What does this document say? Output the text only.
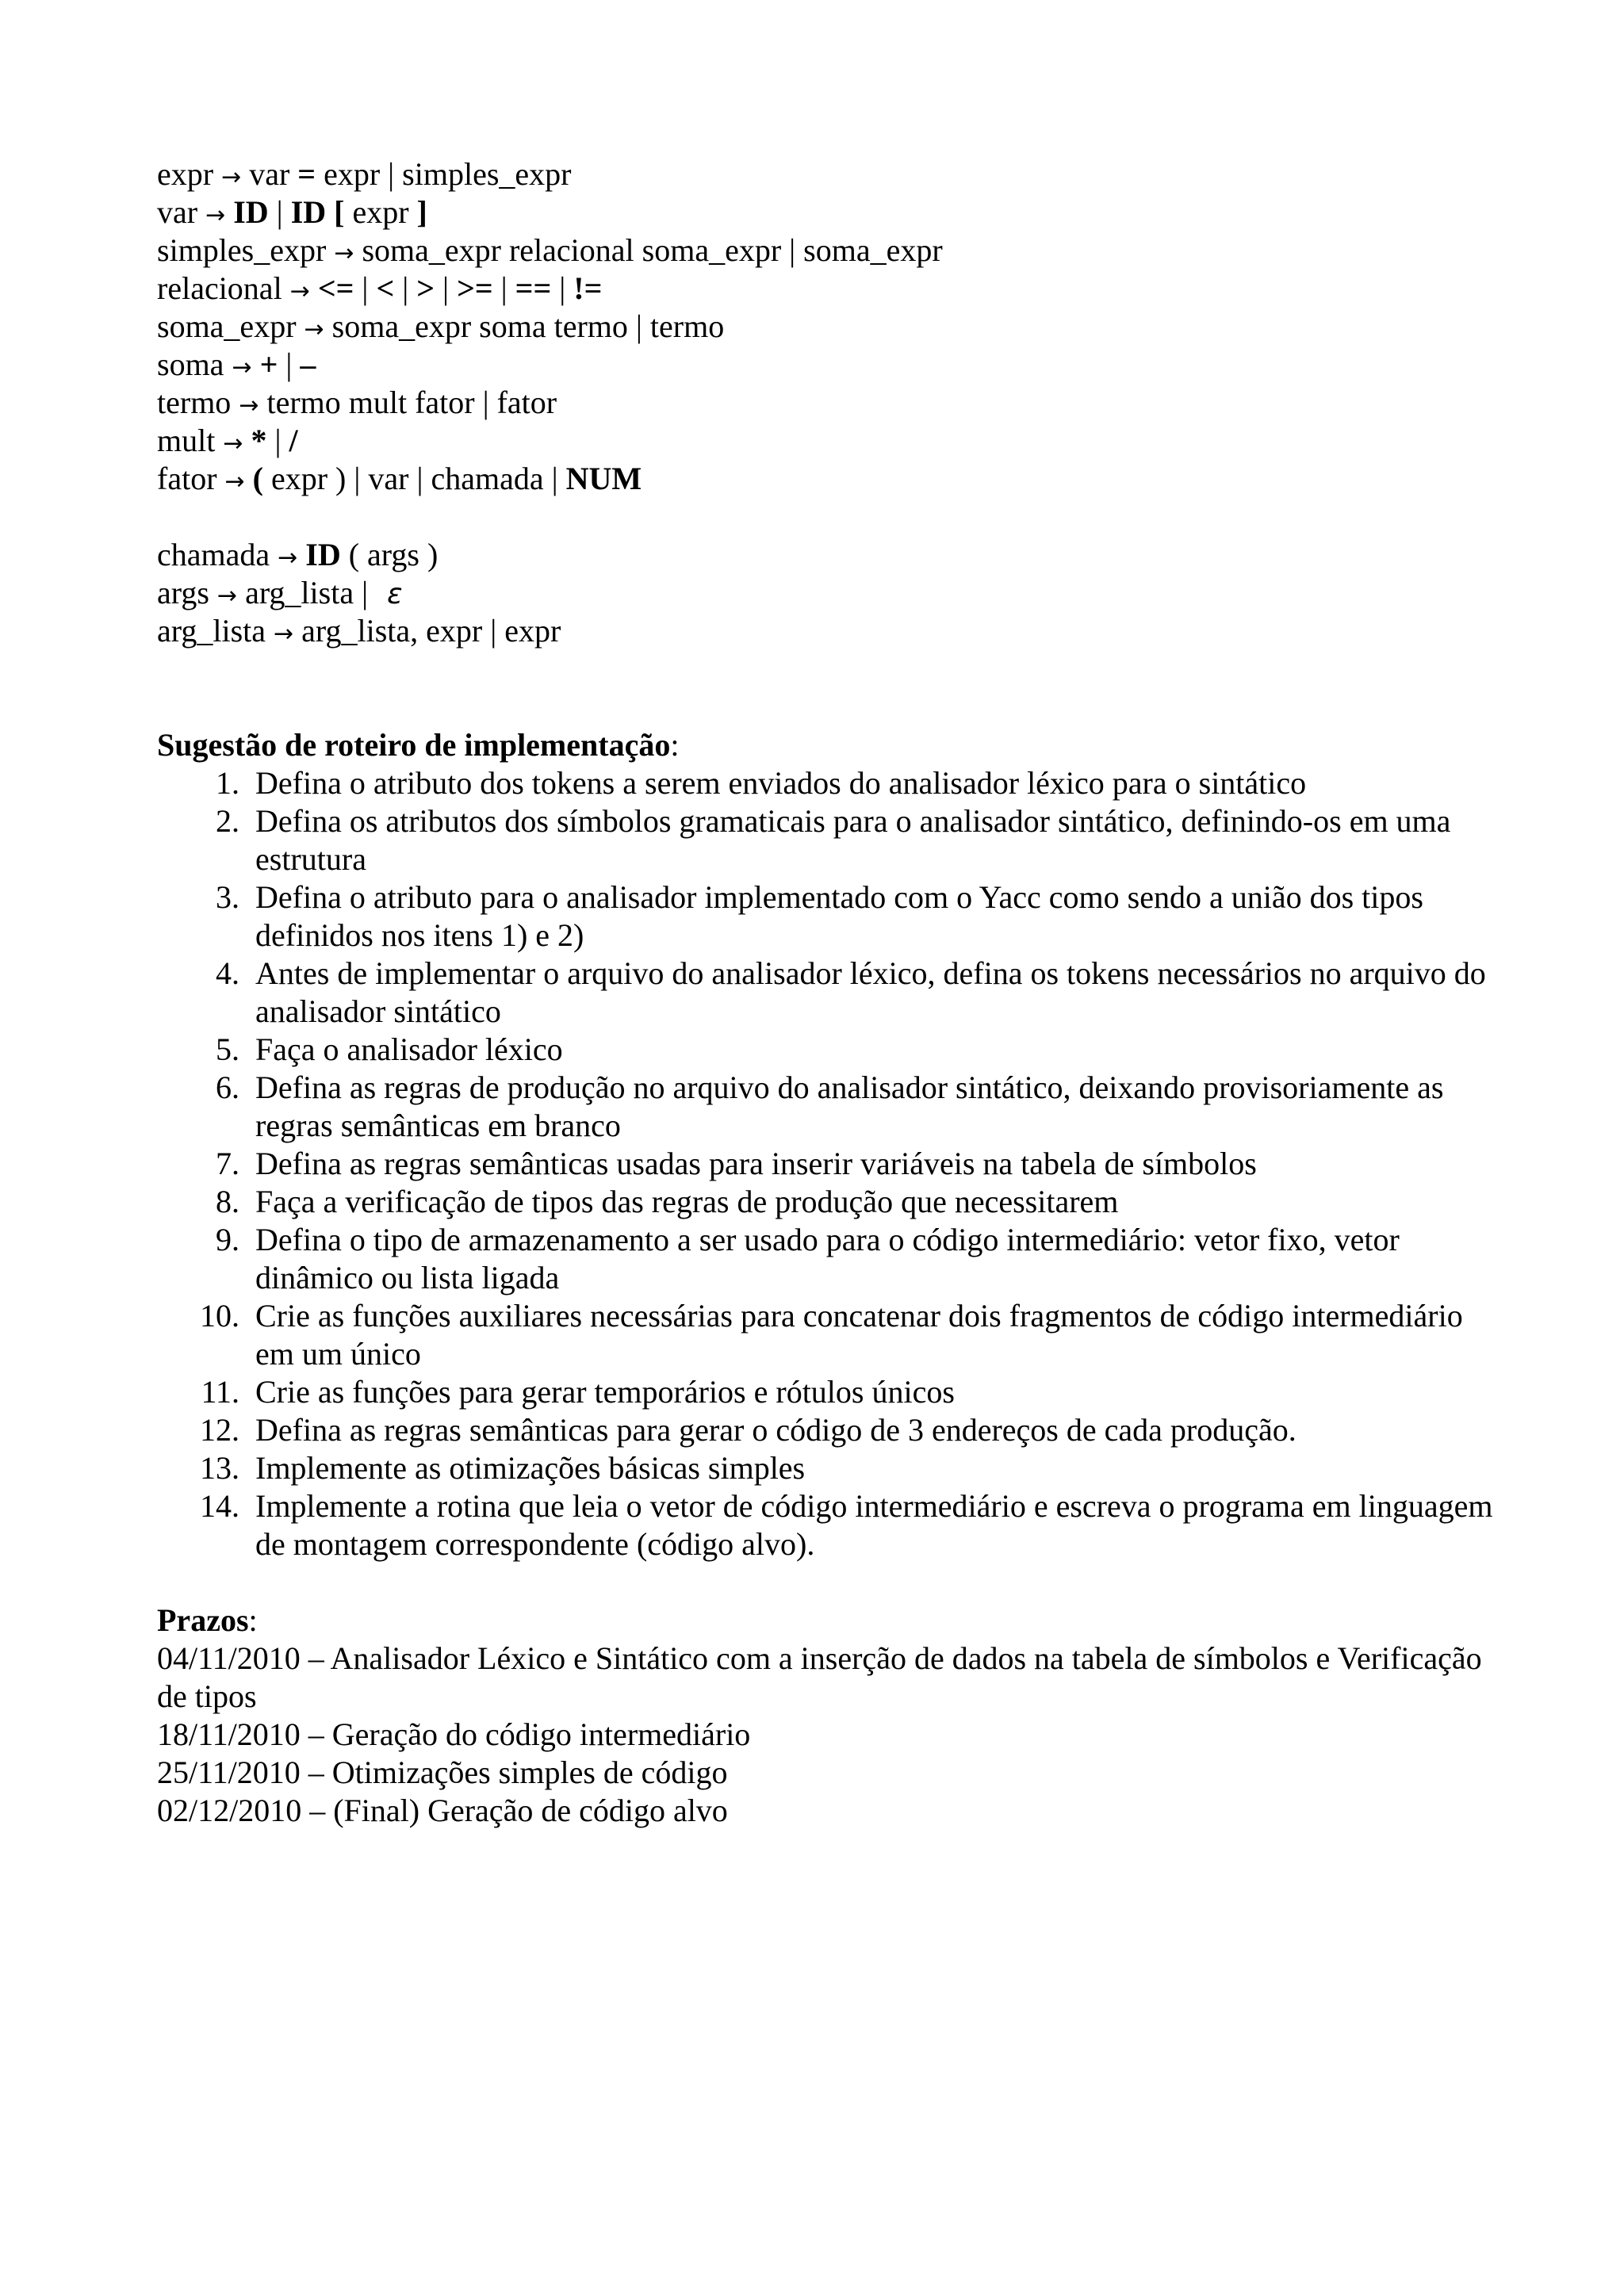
expr → var = expr | simples_expr
var → ID | ID [ expr ]
simples_expr → soma_expr relacional soma_expr | soma_expr
relacional → <= | < | > | >= | == | !=
soma_expr → soma_expr soma termo | termo
soma → + | –
termo → termo mult fator | fator
mult → * | /
fator → ( expr ) | var | chamada | NUM
chamada → ID ( args )
args → arg_lista | ε
arg_lista → arg_lista, expr | expr
Sugestão de roteiro de implementação:
1. Defina o atributo dos tokens a serem enviados do analisador léxico para o sintático
2. Defina os atributos dos símbolos gramaticais para o analisador sintático, definindo-os em uma estrutura
3. Defina o atributo para o analisador implementado com o Yacc como sendo a união dos tipos definidos nos itens 1) e 2)
4. Antes de implementar o arquivo do analisador léxico, defina os tokens necessários no arquivo do analisador sintático
5. Faça o analisador léxico
6. Defina as regras de produção no arquivo do analisador sintático, deixando provisoriamente as regras semânticas em branco
7. Defina as regras semânticas usadas para inserir variáveis na tabela de símbolos
8. Faça a verificação de tipos das regras de produção que necessitarem
9. Defina o tipo de armazenamento a ser usado para o código intermediário: vetor fixo, vetor dinâmico ou lista ligada
10. Crie as funções auxiliares necessárias para concatenar dois fragmentos de código intermediário em um único
11. Crie as funções para gerar temporários e rótulos únicos
12. Defina as regras semânticas para gerar o código de 3 endereços de cada produção.
13. Implemente as otimizações básicas simples
14. Implemente a rotina que leia o vetor de código intermediário e escreva o programa em linguagem de montagem correspondente (código alvo).
Prazos:
04/11/2010 – Analisador Léxico e Sintático com a inserção de dados na tabela de símbolos e Verificação de tipos
18/11/2010 – Geração do código intermediário
25/11/2010 – Otimizações simples de código
02/12/2010 – (Final) Geração de código alvo
